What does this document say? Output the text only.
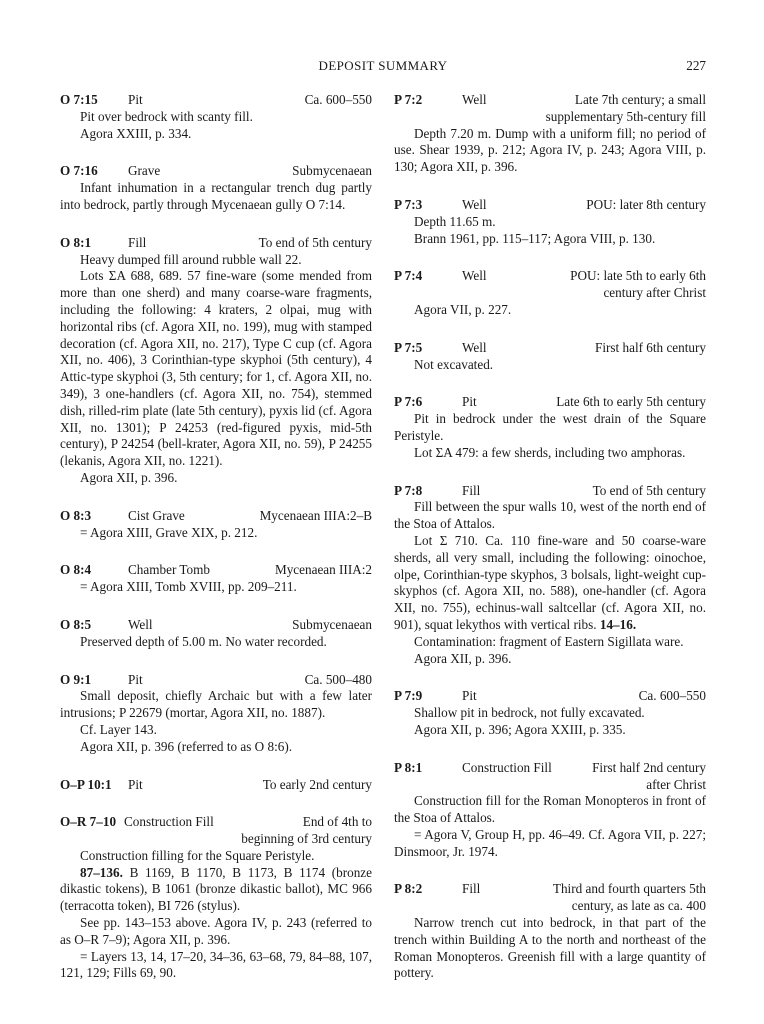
DEPOSIT SUMMARY	227
O 7:15 Pit	Ca. 600–550

Pit over bedrock with scanty fill.

Agora XXIII, p. 334.

O 7:16 Grave	Submycenaean

Infant inhumation in a rectangular trench dug partly into bedrock, partly through Mycenaean gully O 7:14.

O 8:1	Fill	To end of 5th century

Heavy dumped fill around rubble wall 22.

Lots ΣΑ 688, 689. 57 fine-ware (some mended from more than one sherd) and many coarse-ware fragments, including the following: 4 kraters, 2 olpai, mug with horizontal ribs (cf. Agora XII, no. 199), mug with stamped decoration (cf. Agora XII, no. 217), Type C cup (cf. Agora XII, no. 406), 3 Corinthian-type skyphoi (5th century), 4 Attic-type skyphoi (3, 5th century; for 1, cf. Agora XII, no. 349), 3 one-handlers (cf. Agora XII, no. 754), stemmed dish, rilled-rim plate (late 5th century), pyxis lid (cf. Agora XII, no. 1301); P 24253 (red-figured pyxis, mid-5th century), P 24254 (bell-krater, Agora XII, no. 59), P 24255 (lekanis, Agora XII, no. 1221).

Agora XII, p. 396.

O 8:3	Cist Grave	Mycenaean IIIA:2–B

= Agora XIII, Grave XIX, p. 212.

O 8:4	Chamber Tomb	Mycenaean IIIA:2

= Agora XIII, Tomb XVIII, pp. 209–211.

O 8:5	Well	Submycenaean

Preserved depth of 5.00 m. No water recorded.

O 9:1	Pit	Ca. 500–480

Small deposit, chiefly Archaic but with a few later intrusions; P 22679 (mortar, Agora XII, no. 1887).

Cf. Layer 143.

Agora XII, p. 396 (referred to as O 8:6).

O–P 10:1 Pit	To early 2nd century
O–R 7–10 Construction Fill	End of 4th to
beginning of 3rd century

Construction filling for the Square Peristyle.

87–136. B 1169, B 1170, B 1173, B 1174 (bronze dikastic tokens), B 1061 (bronze dikastic ballot), MC 966 (terracotta token), BI 726 (stylus).

See pp. 143–153 above. Agora IV, p. 243 (referred to as O–R 7–9); Agora XII, p. 396.

= Layers 13, 14, 17–20, 34–36, 63–68, 79, 84–88, 107, 121, 129; Fills 69, 90.

P 7:2	Well	Late 7th century; a small
supplementary 5th-century fill

Depth 7.20 m. Dump with a uniform fill; no period of use. Shear 1939, p. 212; Agora IV, p. 243; Agora VIII, p. 130; Agora XII, p. 396.

P 7:3	Well	POU: later 8th century

Depth 11.65 m.

Brann 1961, pp. 115–117; Agora VIII, p. 130.

P 7:4	Well	POU: late 5th to early 6th
century after Christ

Agora VII, p. 227.

P 7:5	Well	First half 6th century

Not excavated.

P 7:6	Pit	Late 6th to early 5th century

Pit in bedrock under the west drain of the Square Peristyle.

Lot ΣΑ 479: a few sherds, including two amphoras.

P 7:8	Fill	To end of 5th century

Fill between the spur walls 10, west of the north end of the Stoa of Attalos.

Lot Σ 710. Ca. 110 fine-ware and 50 coarse-ware sherds, all very small, including the following: oinochoe, olpe, Corinthian-type skyphos, 3 bolsals, light-weight cup-skyphos (cf. Agora XII, no. 588), one-handler (cf. Agora XII, no. 755), echinus-wall saltcellar (cf. Agora XII, no. 901), squat lekythos with vertical ribs. 14–16.

Contamination: fragment of Eastern Sigillata ware.

Agora XII, p. 396.

P 7:9	Pit	Ca. 600–550

Shallow pit in bedrock, not fully excavated.

Agora XII, p. 396; Agora XXIII, p. 335.

P 8:1	Construction Fill	First half 2nd century
after Christ

Construction fill for the Roman Monopteros in front of the Stoa of Attalos.

= Agora V, Group H, pp. 46–49. Cf. Agora VII, p. 227; Dinsmoor, Jr. 1974.

P 8:2	Fill	Third and fourth quarters 5th
century, as late as ca. 400

Narrow trench cut into bedrock, in that part of the trench within Building A to the north and northeast of the Roman Monopteros. Greenish fill with a large quantity of pottery.
